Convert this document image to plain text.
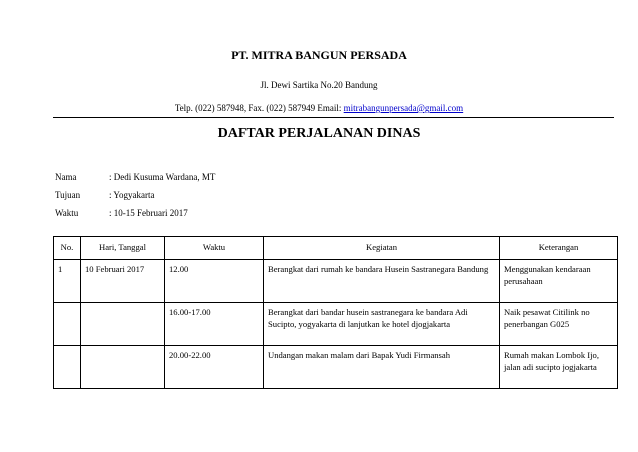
PT. MITRA BANGUN PERSADA
Jl. Dewi Sartika No.20 Bandung
Telp. (022) 587948, Fax. (022) 587949 Email: mitrabangunpersada@gmail.com
DAFTAR PERJALANAN DINAS
Nama	: Dedi Kusuma Wardana, MT
Tujuan	: Yogyakarta
Waktu	: 10-15 Februari 2017
No.	Hari, Tanggal	Waktu	Kegiatan	Keterangan
1	10 Februari 2017	12.00	Berangkat dari rumah ke bandara Husein Sastranegara Bandung	Menggunakan kendaraan perusahaan
		16.00-17.00	Berangkat dari bandar husein sastranegara ke bandara Adi Sucipto, yogyakarta di lanjutkan ke hotel djogjakarta	Naik pesawat Citilink no penerbangan G025
		20.00-22.00	Undangan makan malam dari Bapak Yudi Firmansah	Rumah makan Lombok Ijo, jalan adi sucipto jogjakarta
